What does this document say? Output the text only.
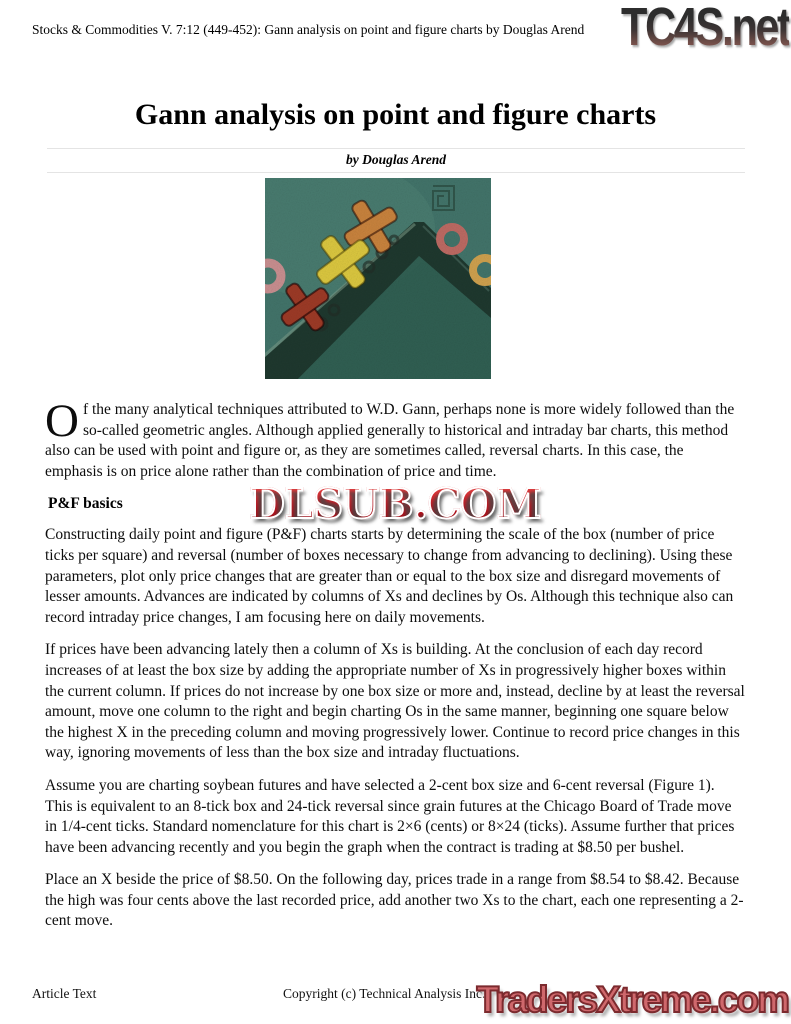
Stocks & Commodities V. 7:12 (449-452): Gann analysis on point and figure charts by Douglas Arend TC4S.net
Gann analysis on point and figure charts
by Douglas Arend

Of the many analytical techniques attributed to W.D. Gann, perhaps none is more widely followed than the so-called geometric angles. Although applied generally to historical and intraday bar charts, this method also can be used with point and figure or, as they are sometimes called, reversal charts. In this case, the emphasis is on price alone rather than the combination of price and time.

P&F basics

Constructing daily point and figure (P&F) charts starts by determining the scale of the box (number of price ticks per square) and reversal (number of boxes necessary to change from advancing to declining). Using these parameters, plot only price changes that are greater than or equal to the box size and disregard movements of lesser amounts. Advances are indicated by columns of Xs and declines by Os. Although this technique also can record intraday price changes, I am focusing here on daily movements.

If prices have been advancing lately then a column of Xs is building. At the conclusion of each day record increases of at least the box size by adding the appropriate number of Xs in progressively higher boxes within the current column. If prices do not increase by one box size or more and, instead, decline by at least the reversal amount, move one column to the right and begin charting Os in the same manner, beginning one square below the highest X in the preceding column and moving progressively lower. Continue to record price changes in this way, ignoring movements of less than the box size and intraday fluctuations.

Assume you are charting soybean futures and have selected a 2-cent box size and 6-cent reversal (Figure 1). This is equivalent to an 8-tick box and 24-tick reversal since grain futures at the Chicago Board of Trade move in 1/4-cent ticks. Standard nomenclature for this chart is 2×6 (cents) or 8×24 (ticks). Assume further that prices have been advancing recently and you begin the graph when the contract is trading at $8.50 per bushel.

Place an X beside the price of $8.50. On the following day, prices trade in a range from $8.54 to $8.42. Because the high was four cents above the last recorded price, add another two Xs to the chart, each one representing a 2-cent move.

DLSUB.COM
Article Text	Copyright (c) Technical Analysis Inc.
TradersXtreme.com
